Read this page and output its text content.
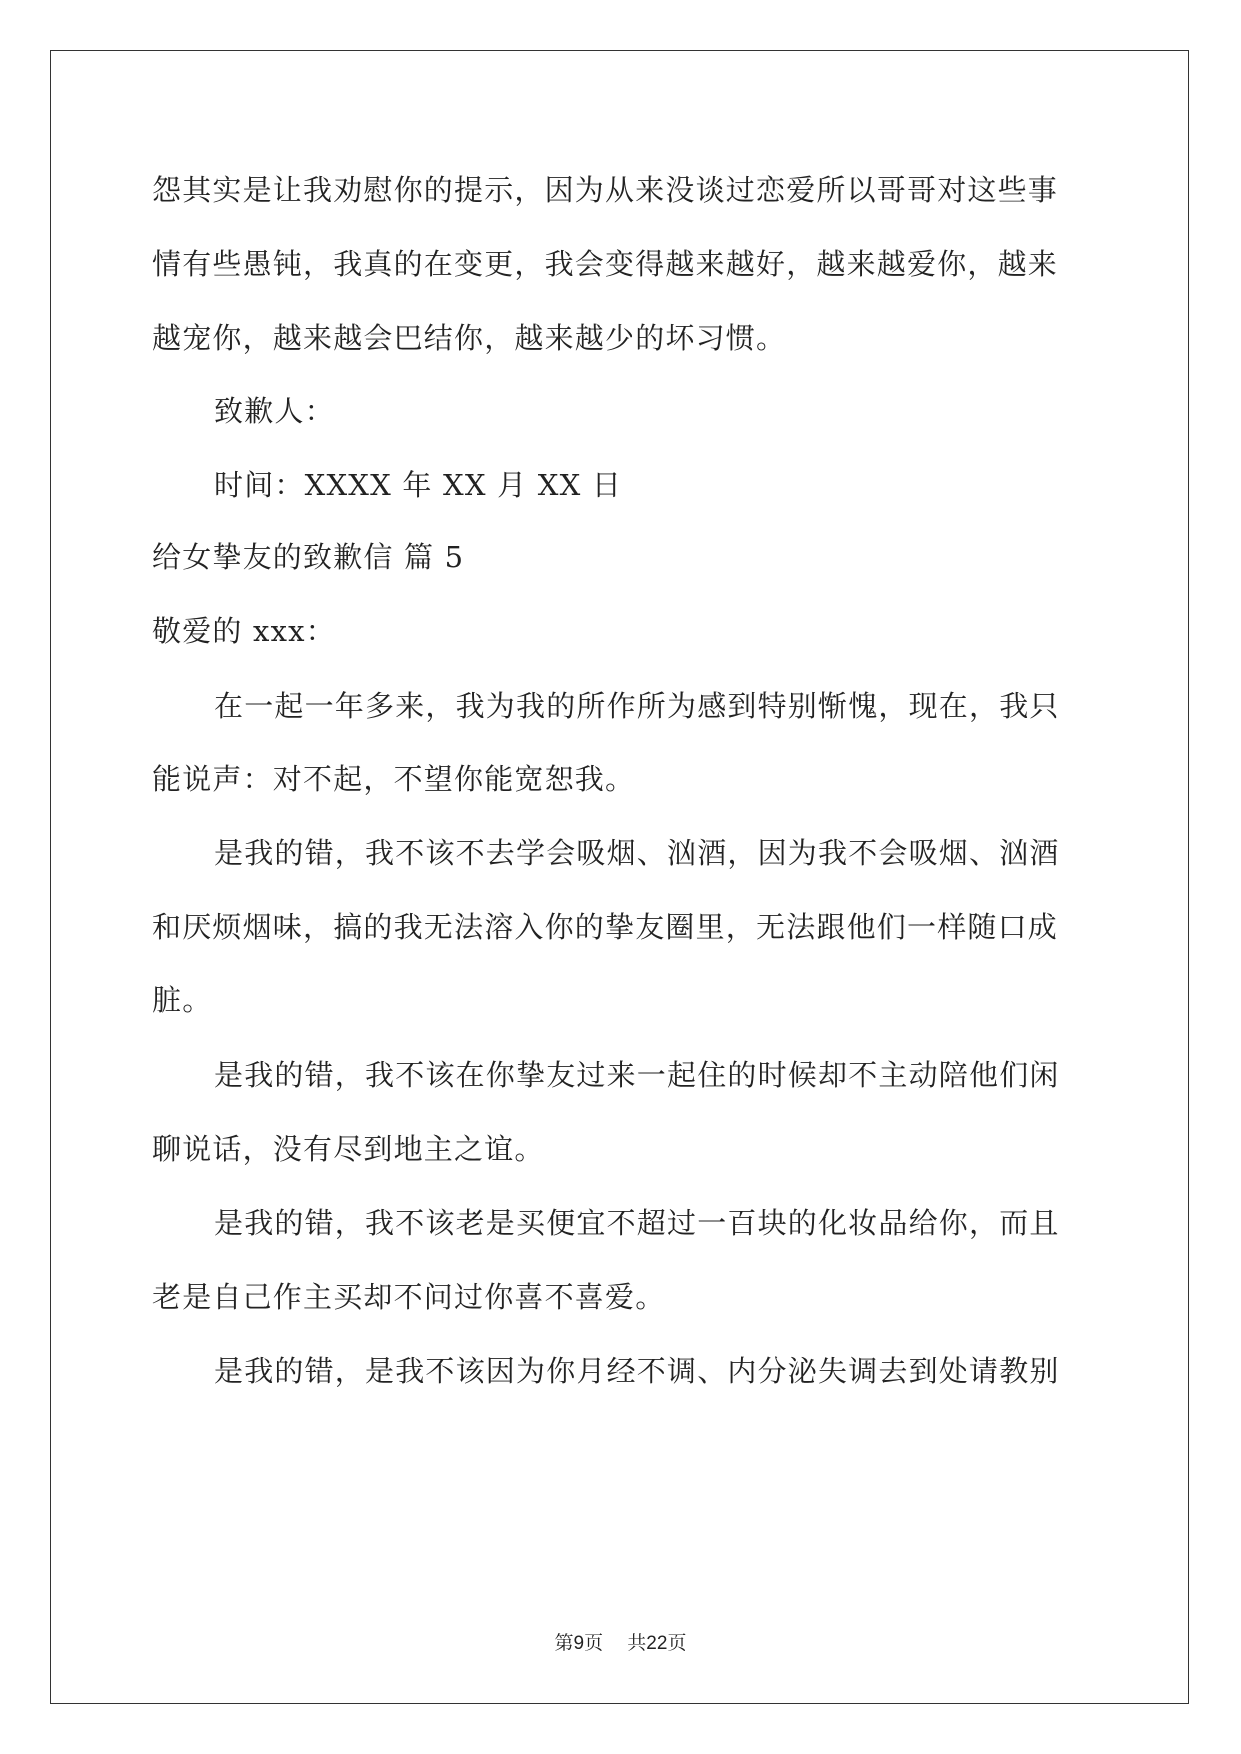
怨其实是让我劝慰你的提示，因为从来没谈过恋爱所以哥哥对这些事
情有些愚钝，我真的在变更，我会变得越来越好，越来越爱你，越来
越宠你，越来越会巴结你，越来越少的坏习惯。
致歉人：
时间：XXXX 年 XX 月 XX 日
给女挚友的致歉信 篇 5
敬爱的 xxx：
在一起一年多来，我为我的所作所为感到特别惭愧，现在，我只
能说声：对不起，不望你能宽恕我。
是我的错，我不该不去学会吸烟、汹酒，因为我不会吸烟、汹酒
和厌烦烟味，搞的我无法溶入你的挚友圈里，无法跟他们一样随口成
脏。
是我的错，我不该在你挚友过来一起住的时候却不主动陪他们闲
聊说话，没有尽到地主之谊。
是我的错，我不该老是买便宜不超过一百块的化妆品给你，而且
老是自己作主买却不问过你喜不喜爱。
是我的错，是我不该因为你月经不调、内分泌失调去到处请教别
第9页    共22页
